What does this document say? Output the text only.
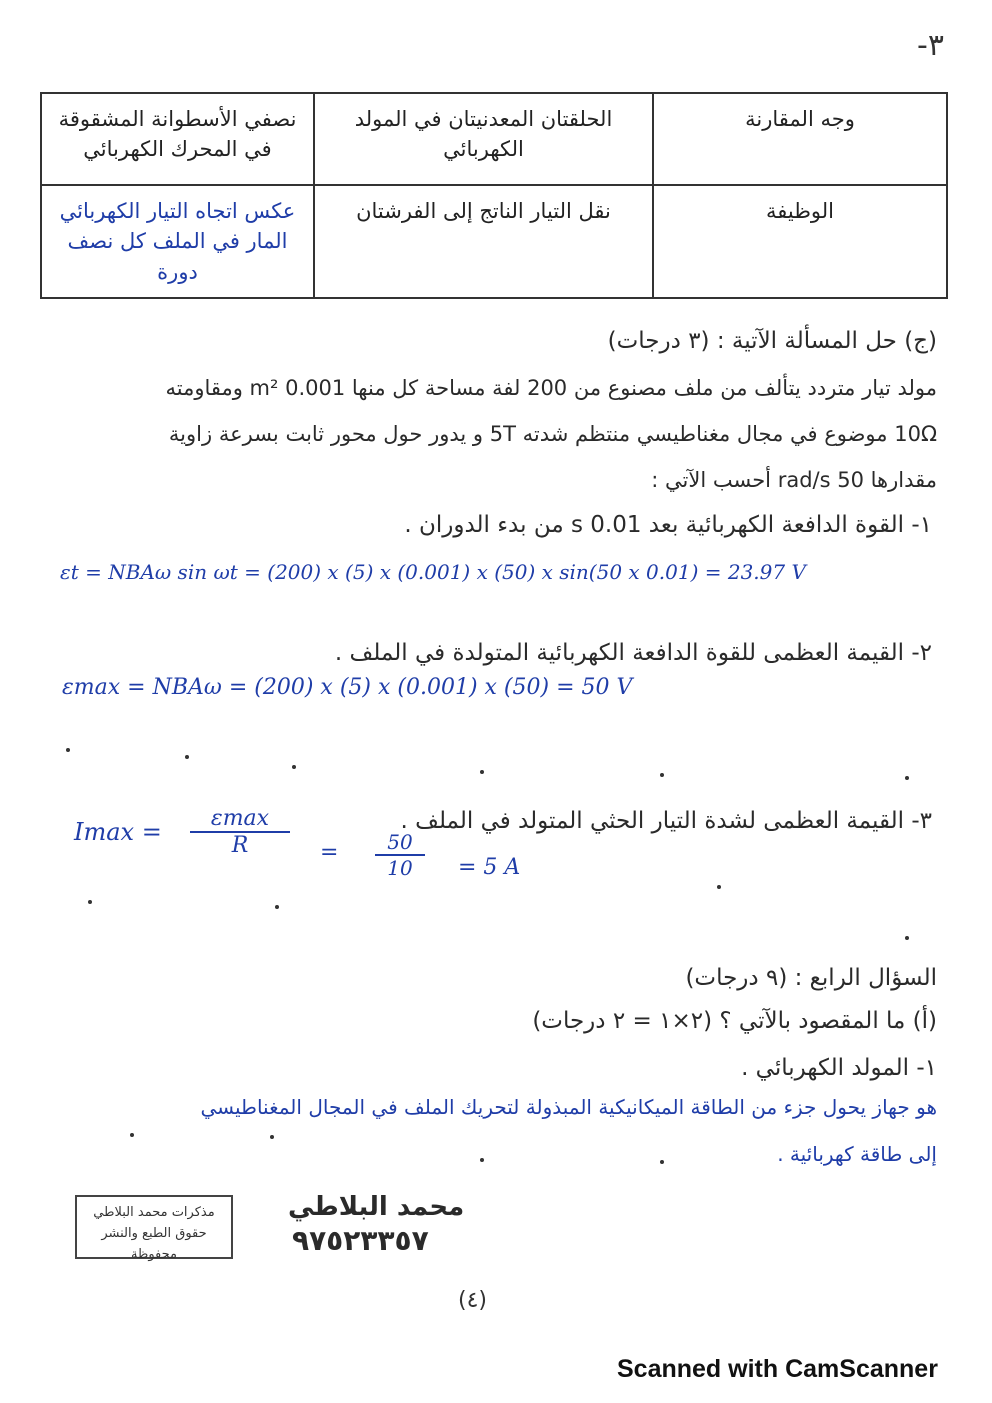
-٣
وجه المقارنة	الحلقتان المعدنيتان في المولد الكهربائي	نصفي الأسطوانة المشقوقة في المحرك الكهربائي
الوظيفة	نقل التيار الناتج إلى الفرشتان	عكس اتجاه التيار الكهربائي المار في الملف كل نصف دورة
(ج) حل المسألة الآتية : (٣ درجات)
مولد تيار متردد يتألف من ملف مصنوع من 200 لفة مساحة كل منها 0.001 m² ومقاومته
10Ω موضوع في مجال مغناطيسي منتظم شدته 5T و يدور حول محور ثابت بسرعة زاوية
مقدارها 50 rad/s أحسب الآتي :
١- القوة الدافعة الكهربائية بعد 0.01 s من بدء الدوران .
εt = NBAω sin ωt = (200) x (5) x (0.001) x (50) x sin(50 x 0.01) = 23.97 V
٢- القيمة العظمى للقوة الدافعة الكهربائية المتولدة في الملف .
εmax = NBAω = (200) x (5) x (0.001) x (50) = 50 V
٣- القيمة العظمى لشدة التيار الحثي المتولد في الملف .
Imax =	εmax
R	=	50
10	= 5 A
السؤال الرابع : (٩ درجات)
(أ) ما المقصود بالآتي ؟ (٢×١ = ٢ درجات)
١- المولد الكهربائي .
هو جهاز يحول جزء من الطاقة الميكانيكية المبذولة لتحريك الملف في المجال المغناطيسي
إلى طاقة كهربائية .
مذكرات محمد البلاطي
حقوق الطبع والنشر محفوظة
محمد البلاطي
٩٧٥٢٣٣٥٧
(٤)
Scanned with CamScanner
